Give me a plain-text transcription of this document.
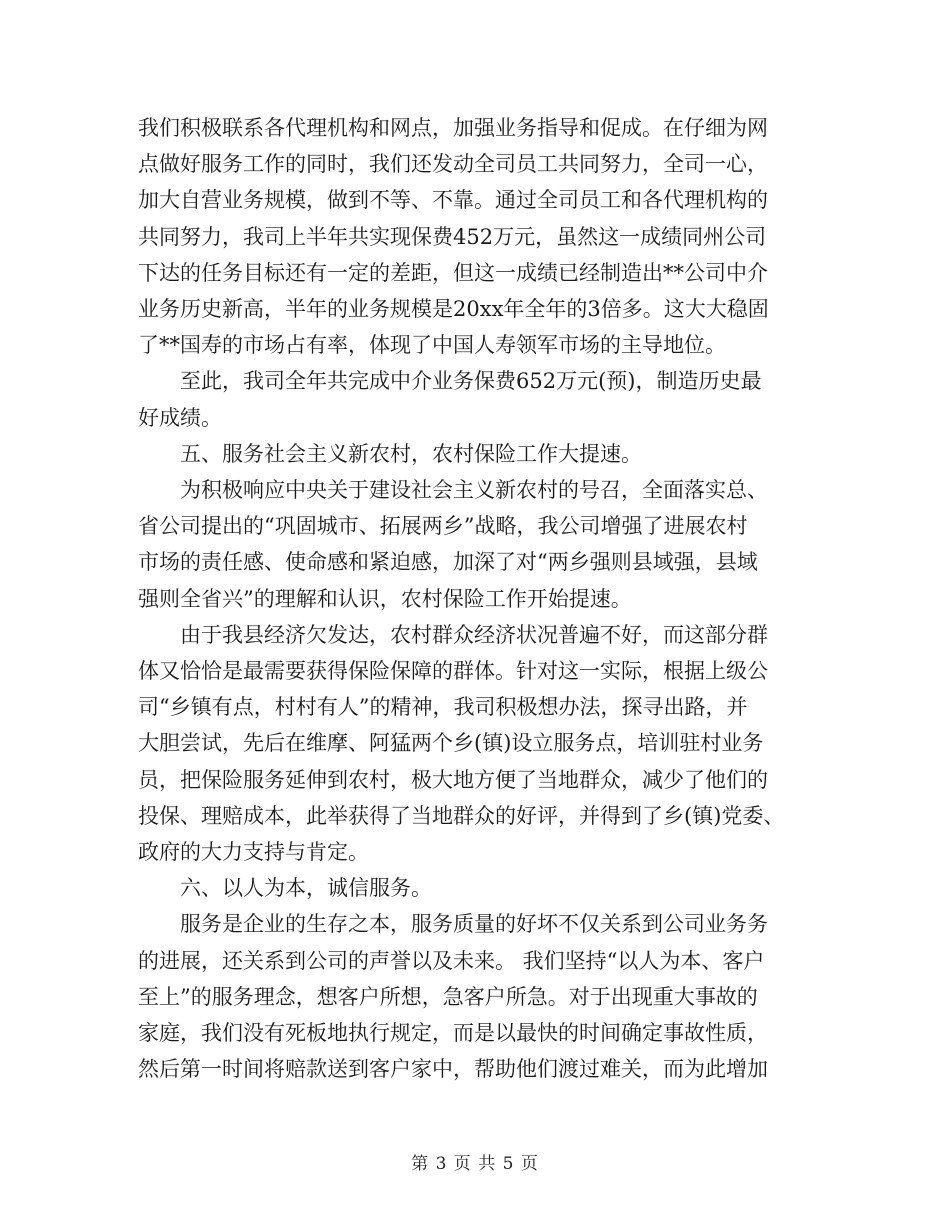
我们积极联系各代理机构和网点，加强业务指导和促成。在仔细为网
点做好服务工作的同时，我们还发动全司员工共同努力，全司一心，
加大自营业务规模，做到不等、不靠。通过全司员工和各代理机构的
共同努力，我司上半年共实现保费452万元，虽然这一成绩同州公司
下达的任务目标还有一定的差距，但这一成绩已经制造出**公司中介
业务历史新高，半年的业务规模是20xx年全年的3倍多。这大大稳固
了**国寿的市场占有率，体现了中国人寿领军市场的主导地位。

至此，我司全年共完成中介业务保费652万元(预)，制造历史最
好成绩。

五、服务社会主义新农村，农村保险工作大提速。

为积极响应中央关于建设社会主义新农村的号召，全面落实总、
省公司提出的“巩固城市、拓展两乡”战略，我公司增强了进展农村
市场的责任感、使命感和紧迫感，加深了对“两乡强则县域强，县域
强则全省兴”的理解和认识，农村保险工作开始提速。

由于我县经济欠发达，农村群众经济状况普遍不好，而这部分群
体又恰恰是最需要获得保险保障的群体。针对这一实际，根据上级公
司“乡镇有点，村村有人”的精神，我司积极想办法，探寻出路，并
大胆尝试，先后在维摩、阿猛两个乡(镇)设立服务点，培训驻村业务
员，把保险服务延伸到农村，极大地方便了当地群众，减少了他们的
投保、理赔成本，此举获得了当地群众的好评，并得到了乡(镇)党委、
政府的大力支持与肯定。

六、以人为本，诚信服务。

服务是企业的生存之本，服务质量的好坏不仅关系到公司业务务
的进展，还关系到公司的声誉以及未来。 我们坚持“以人为本、客户
至上”的服务理念，想客户所想，急客户所急。对于出现重大事故的
家庭，我们没有死板地执行规定，而是以最快的时间确定事故性质，
然后第一时间将赔款送到客户家中，帮助他们渡过难关，而为此增加

第 3 页 共 5 页
